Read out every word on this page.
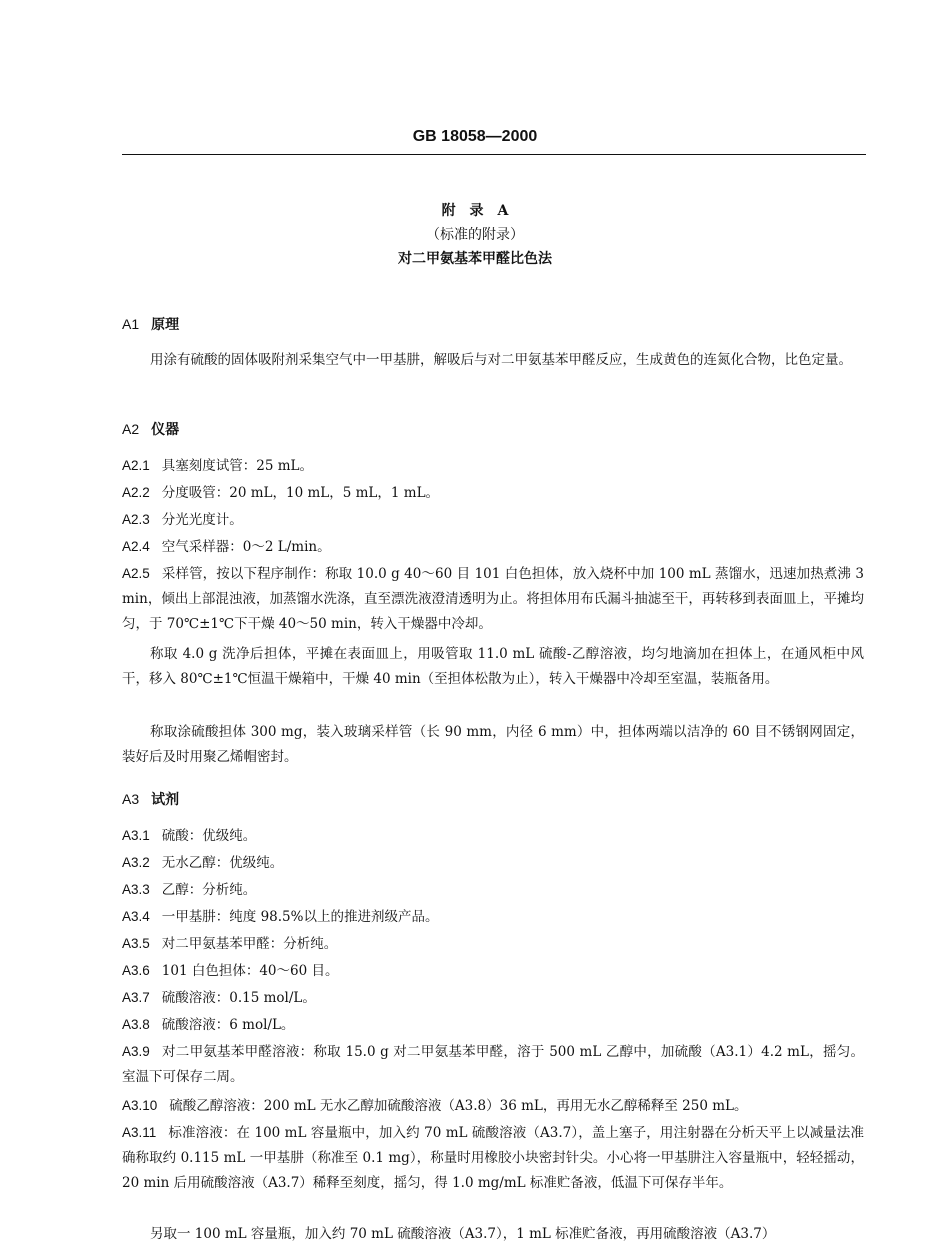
GB 18058—2000
附　录　A
（标准的附录）
对二甲氨基苯甲醛比色法
A1 原理
用涂有硫酸的固体吸附剂采集空气中一甲基肼，解吸后与对二甲氨基苯甲醛反应，生成黄色的连氮化合物，比色定量。
A2 仪器
A2.1 具塞刻度试管：25 mL。
A2.2 分度吸管：20 mL，10 mL，5 mL，1 mL。
A2.3 分光光度计。
A2.4 空气采样器：0～2 L/min。
A2.5 采样管，按以下程序制作：称取 10.0 g 40～60 目 101 白色担体，放入烧杯中加 100 mL 蒸馏水，迅速加热煮沸 3 min，倾出上部混浊液，加蒸馏水洗涤，直至漂洗液澄清透明为止。将担体用布氏漏斗抽滤至干，再转移到表面皿上，平摊均匀，于 70℃±1℃下干燥 40～50 min，转入干燥器中冷却。
称取 4.0 g 洗净后担体，平摊在表面皿上，用吸管取 11.0 mL 硫酸-乙醇溶液，均匀地滴加在担体上，在通风柜中风干，移入 80℃±1℃恒温干燥箱中，干燥 40 min（至担体松散为止），转入干燥器中冷却至室温，装瓶备用。
称取涂硫酸担体 300 mg，装入玻璃采样管（长 90 mm，内径 6 mm）中，担体两端以洁净的 60 目不锈钢网固定，装好后及时用聚乙烯帽密封。
A3 试剂
A3.1 硫酸：优级纯。
A3.2 无水乙醇：优级纯。
A3.3 乙醇：分析纯。
A3.4 一甲基肼：纯度 98.5%以上的推进剂级产品。
A3.5 对二甲氨基苯甲醛：分析纯。
A3.6 101 白色担体：40～60 目。
A3.7 硫酸溶液：0.15 mol/L。
A3.8 硫酸溶液：6 mol/L。
A3.9 对二甲氨基苯甲醛溶液：称取 15.0 g 对二甲氨基苯甲醛，溶于 500 mL 乙醇中，加硫酸（A3.1）4.2 mL，摇匀。室温下可保存二周。
A3.10 硫酸乙醇溶液：200 mL 无水乙醇加硫酸溶液（A3.8）36 mL，再用无水乙醇稀释至 250 mL。
A3.11 标准溶液：在 100 mL 容量瓶中，加入约 70 mL 硫酸溶液（A3.7），盖上塞子，用注射器在分析天平上以减量法准确称取约 0.115 mL 一甲基肼（称准至 0.1 mg），称量时用橡胶小块密封针尖。小心将一甲基肼注入容量瓶中，轻轻摇动，20 min 后用硫酸溶液（A3.7）稀释至刻度，摇匀，得 1.0 mg/mL 标准贮备液，低温下可保存半年。
另取一 100 mL 容量瓶，加入约 70 mL 硫酸溶液（A3.7），1 mL 标准贮备液，再用硫酸溶液（A3.7）
